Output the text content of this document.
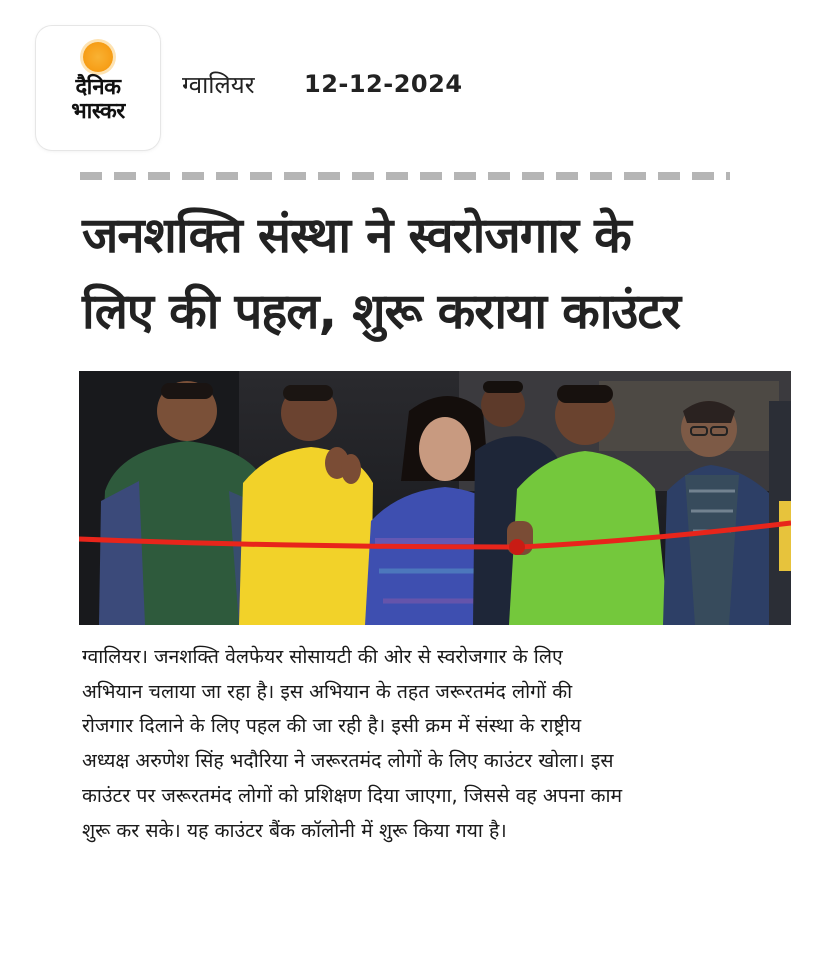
दैनिक
भास्कर
ग्वालियर 12-12-2024
जनशक्ति संस्था ने स्वरोजगार के
लिए की पहल, शुरू कराया काउंटर
ग्वालियर। जनशक्ति वेलफेयर सोसायटी की ओर से स्वरोजगार के लिए
अभियान चलाया जा रहा है। इस अभियान के तहत जरूरतमंद लोगों की
रोजगार दिलाने के लिए पहल की जा रही है। इसी क्रम में संस्था के राष्ट्रीय
अध्यक्ष अरुणेश सिंह भदौरिया ने जरूरतमंद लोगों के लिए काउंटर खोला। इस
काउंटर पर जरूरतमंद लोगों को प्रशिक्षण दिया जाएगा, जिससे वह अपना काम
शुरू कर सके। यह काउंटर बैंक कॉलोनी में शुरू किया गया है।
